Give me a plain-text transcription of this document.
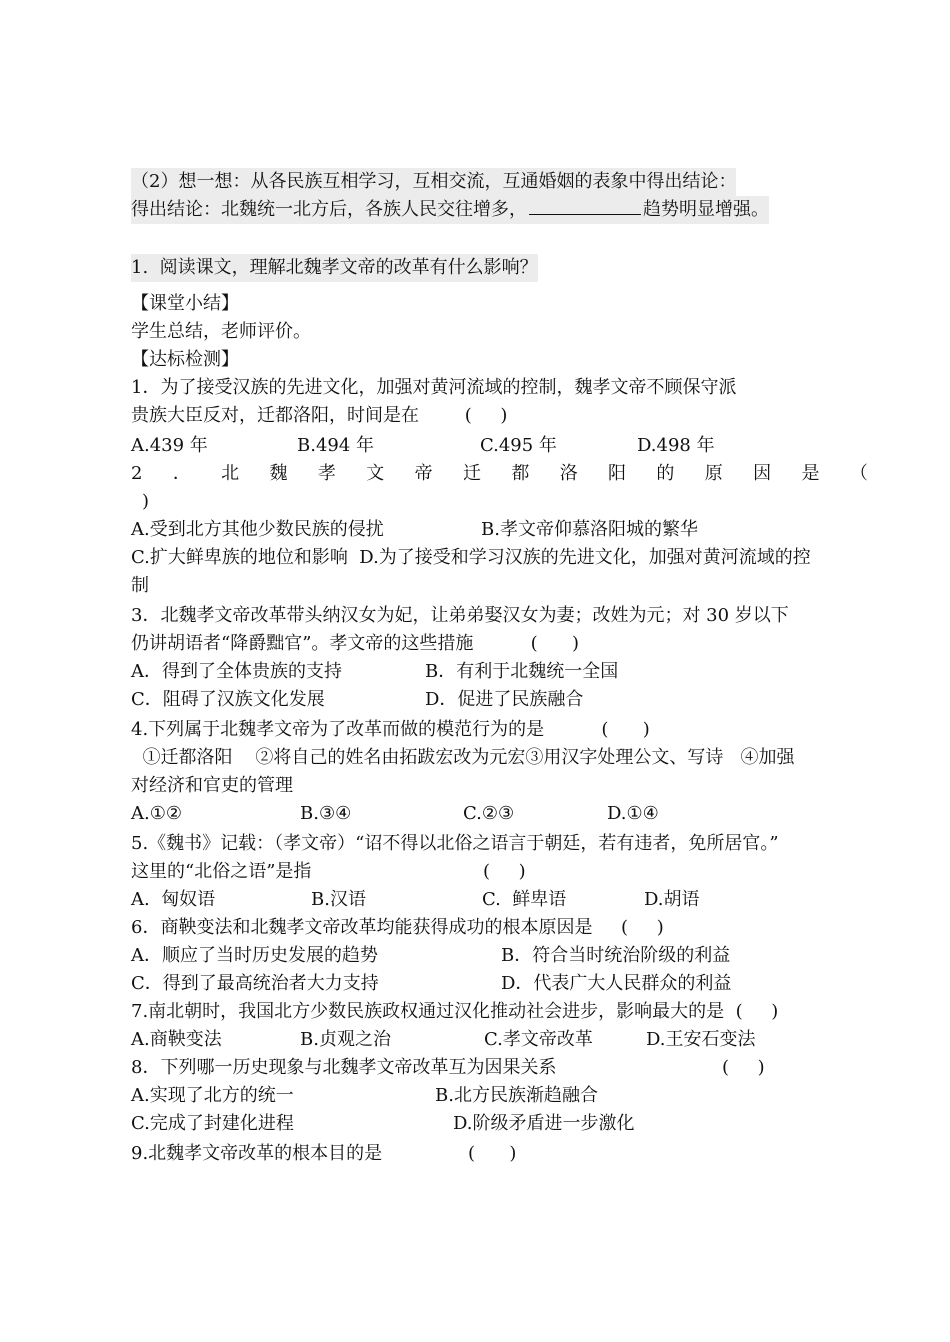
（2）想一想：从各民族互相学习，互相交流，互通婚姻的表象中得出结论：

得出结论：北魏统一北方后，各族人民交往增多，	趋势明显增强。

1.  阅读课文，理解北魏孝文帝的改革有什么影响？

【课堂小结】

学生总结，老师评价。

【达标检测】

1．为了接受汉族的先进文化，加强对黄河流域的控制，魏孝文帝不顾保守派

贵族大臣反对，迁都洛阳，时间是在        (     )

A.439 年	B.494 年	C.495 年	D.498 年

2 ． 北 魏 孝 文 帝 迁 都 洛 阳 的 原 因 是 （

)

A.受到北方其他少数民族的侵扰	B.孝文帝仰慕洛阳城的繁华

C.扩大鲜卑族的地位和影响  D.为了接受和学习汉族的先进文化，加强对黄河流域的控

制

3．北魏孝文帝改革带头纳汉女为妃，让弟弟娶汉女为妻；改姓为元；对 30 岁以下

仍讲胡语者“降爵黜官”。孝文帝的这些措施          (      )

A．得到了全体贵族的支持	B．有利于北魏统一全国

C．阻碍了汉族文化发展	D．促进了民族融合

4.下列属于北魏孝文帝为了改革而做的模范行为的是          (      )

①迁都洛阳    ②将自己的姓名由拓跋宏改为元宏③用汉字处理公文、写诗   ④加强

对经济和官吏的管理

A.①②	B.③④	C.②③	D.①④

5.《魏书》记载：（孝文帝）“诏不得以北俗之语言于朝廷，若有违者，免所居官。”

这里的“北俗之语”是指                              (     )

A.  匈奴语	B.汉语	C.  鲜卑语	D.胡语

6．商鞅变法和北魏孝文帝改革均能获得成功的根本原因是     (     )

A．顺应了当时历史发展的趋势	B．符合当时统治阶级的利益

C．得到了最高统治者大力支持	D．代表广大人民群众的利益

7.南北朝时，我国北方少数民族政权通过汉化推动社会进步，影响最大的是  (     )

A.商鞅变法	B.贞观之治	C.孝文帝改革	D.王安石变法

8．下列哪一历史现象与北魏孝文帝改革互为因果关系	(     )

A.实现了北方的统一	B.北方民族渐趋融合

C.完成了封建化进程	D.阶级矛盾进一步激化

9.北魏孝文帝改革的根本目的是               (      )
